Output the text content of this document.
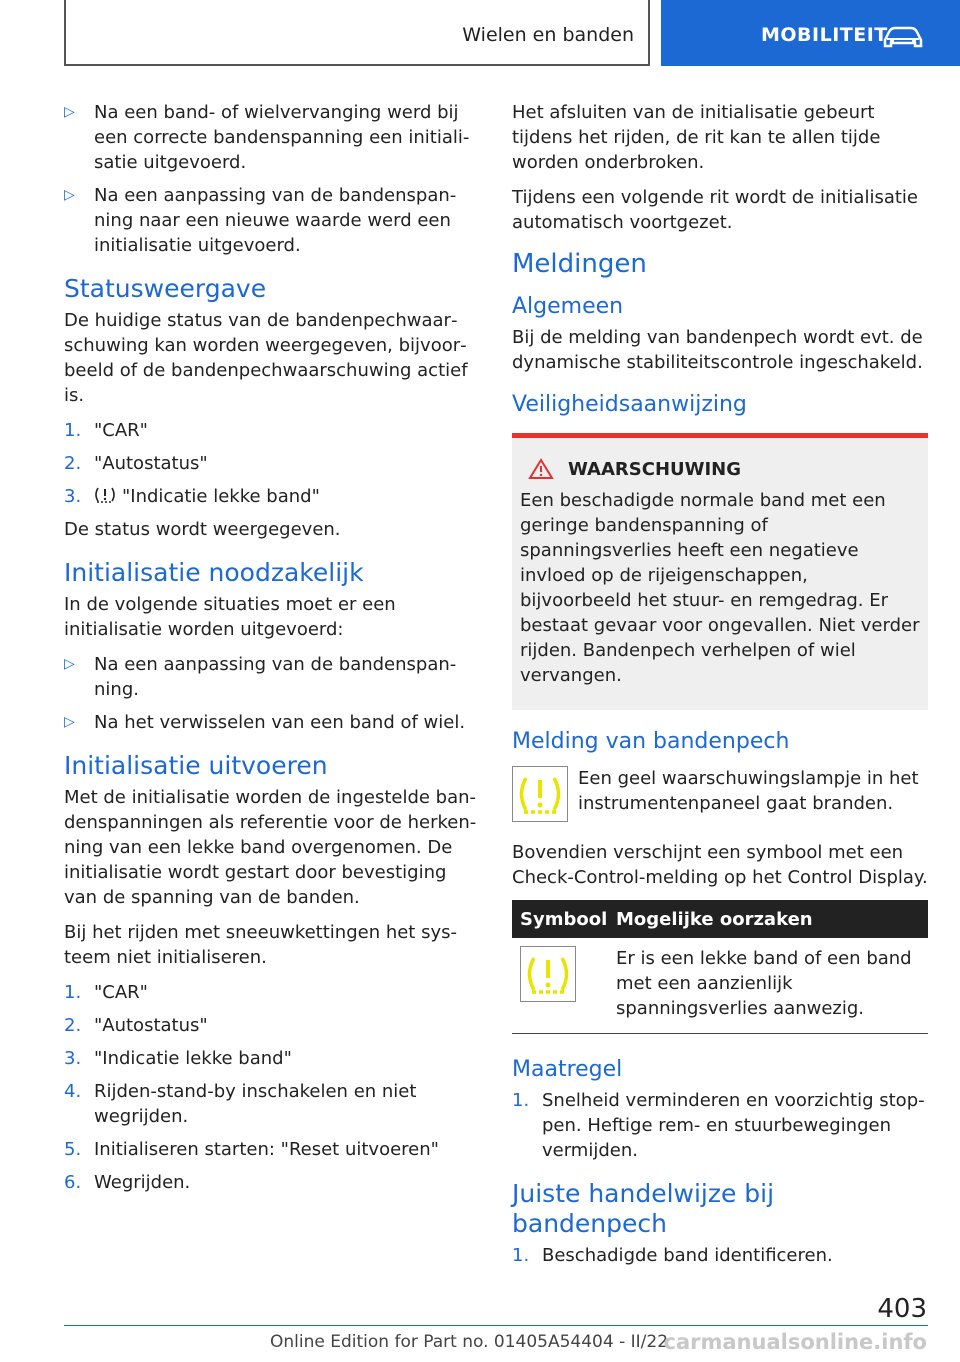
Wielen en banden	MOBILITEIT
▷ Na een band- of wielvervanging werd bij een correcte bandenspanning een initialisatie uitgevoerd.
▷ Na een aanpassing van de bandenspanning naar een nieuwe waarde werd een initialisatie uitgevoerd.
Statusweergave

De huidige status van de bandenpechwaarschuwing kan worden weergegeven, bijvoorbeeld of de bandenpechwaarschuwing actief is.

1. "CAR"
2. "Autostatus"
3. "Indicatie lekke band"

De status wordt weergegeven.

Initialisatie noodzakelijk

In de volgende situaties moet er een initialisatie worden uitgevoerd:

▷ Na een aanpassing van de bandenspanning.
▷ Na het verwisselen van een band of wiel.
Initialisatie uitvoeren

Met de initialisatie worden de ingestelde bandenspanningen als referentie voor de herkenning van een lekke band overgenomen. De initialisatie wordt gestart door bevestiging van de spanning van de banden.

Bij het rijden met sneeuwkettingen het systeem niet initialiseren.

1. "CAR"
2. "Autostatus"
3. "Indicatie lekke band"
4. Rijden-stand-by inschakelen en niet wegrijden.
5. Initialiseren starten: "Reset uitvoeren"
6. Wegrijden.

Het afsluiten van de initialisatie gebeurt tijdens het rijden, de rit kan te allen tijde worden onderbroken.

Tijdens een volgende rit wordt de initialisatie automatisch voortgezet.

Meldingen
Algemeen

Bij de melding van bandenpech wordt evt. de dynamische stabiliteitscontrole ingeschakeld.

Veiligheidsaanwijzing
WAARSCHUWING

Een beschadigde normale band met een geringe bandenspanning of spanningsverlies heeft een negatieve invloed op de rijeigenschappen, bijvoorbeeld het stuur- en remgedrag. Er bestaat gevaar voor ongevallen. Niet verder rijden. Bandenpech verhelpen of wiel vervangen.

Melding van bandenpech

Een geel waarschuwingslampje in het instrumentenpaneel gaat branden.

Bovendien verschijnt een symbool met een Check-Control-melding op het Control Display.

Symbool	Mogelijke oorzaken
	Er is een lekke band of een band met een aanzienlijk spanningsverlies aanwezig.
Maatregel
1. Snelheid verminderen en voorzichtig stoppen. Heftige rem- en stuurbewegingen vermijden.
Juiste handelwijze bij bandenpech
1. Beschadigde band identificeren.
403
Online Edition for Part no. 01405A54404 - II/22
carmanualsonline.info
